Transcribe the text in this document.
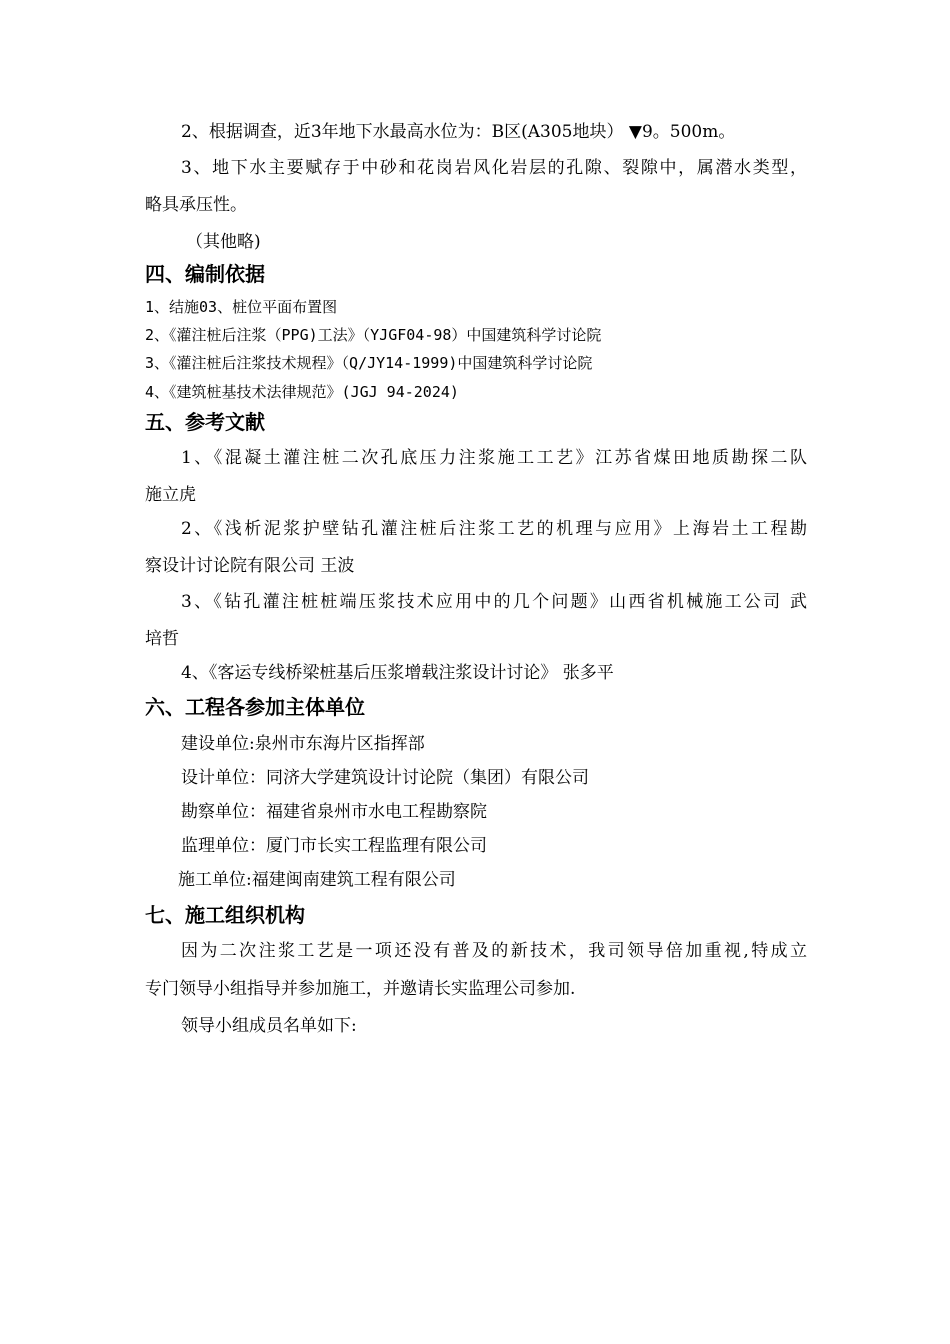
2、根据调查，近3年地下水最高水位为：B区(A305地块） ▼9。500m。
3、地下水主要赋存于中砂和花岗岩风化岩层的孔隙、裂隙中，属潜水类型，
略具承压性。
（其他略)
四、编制依据
1、结施03、桩位平面布置图
2、《灌注桩后注浆（PPG)工法》（YJGF04-98）中国建筑科学讨论院
3、《灌注桩后注浆技术规程》（Q/JY14-1999)中国建筑科学讨论院
4、《建筑桩基技术法律规范》(JGJ 94-2024)
五、参考文献
1、《混凝土灌注桩二次孔底压力注浆施工工艺》江苏省煤田地质勘探二队
施立虎
2、《浅析泥浆护壁钻孔灌注桩后注浆工艺的机理与应用》上海岩土工程勘
察设计讨论院有限公司 王波
3、《钻孔灌注桩桩端压浆技术应用中的几个问题》山西省机械施工公司 武
培哲
4、《客运专线桥梁桩基后压浆增载注浆设计讨论》 张多平
六、工程各参加主体单位
建设单位:泉州市东海片区指挥部
设计单位：同济大学建筑设计讨论院（集团）有限公司
勘察单位：福建省泉州市水电工程勘察院
监理单位：厦门市长实工程监理有限公司
施工单位:福建闽南建筑工程有限公司
七、施工组织机构
因为二次注浆工艺是一项还没有普及的新技术，我司领导倍加重视,特成立
专门领导小组指导并参加施工，并邀请长实监理公司参加.
领导小组成员名单如下:
